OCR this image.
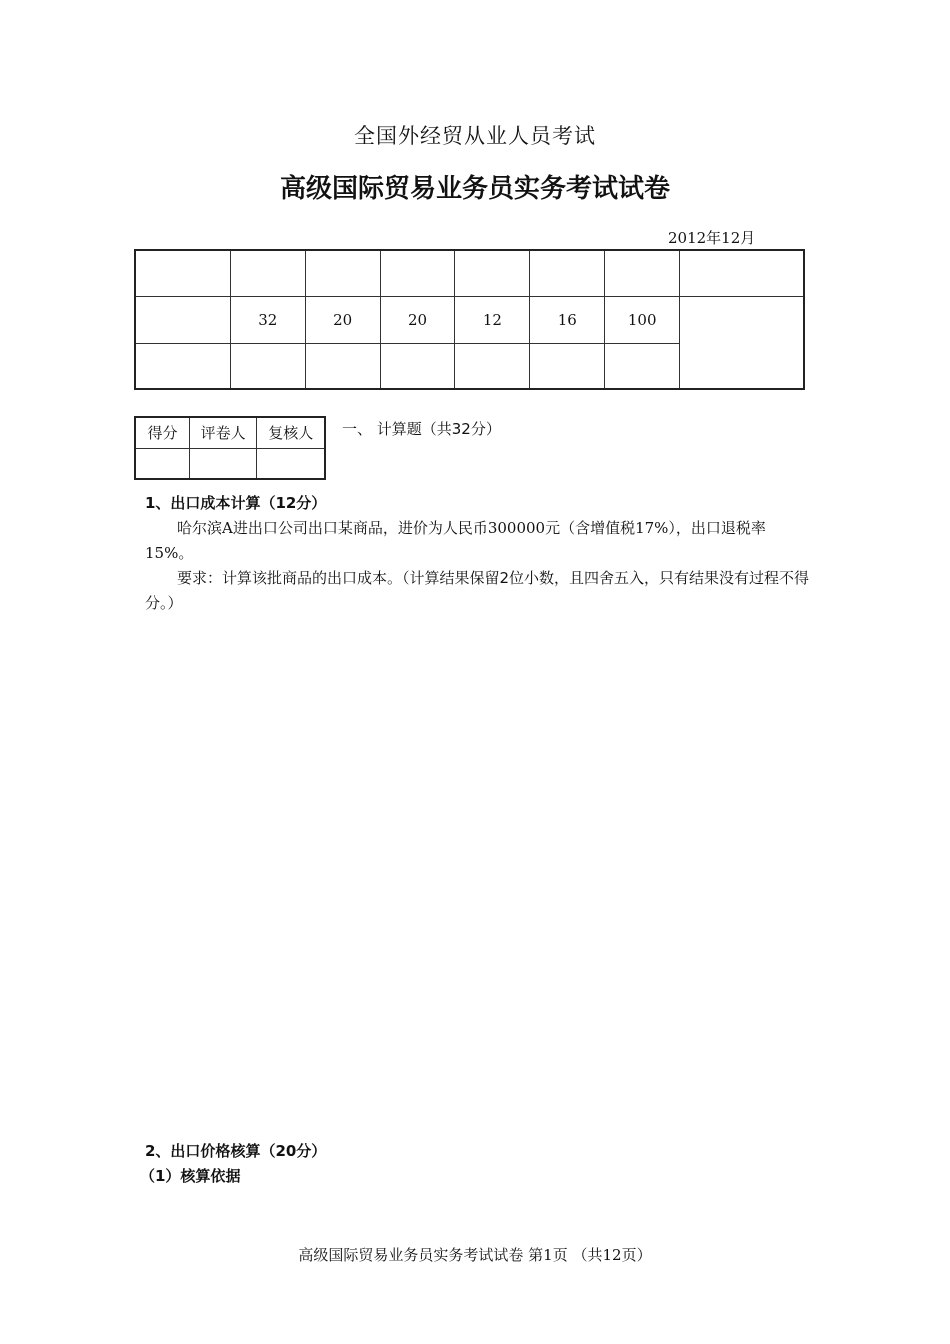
全国外经贸从业人员考试
高级国际贸易业务员实务考试试卷
2012年12月

	32	20	20	12	16	100	

得分	评卷人	复核人
		一、 计算题（共32分）
1、出口成本计算（12分）
哈尔滨A进出口公司出口某商品，进价为人民币300000元（含增值税17%），出口退税率15%。
要求：计算该批商品的出口成本。（计算结果保留2位小数，且四舍五入，只有结果没有过程不得分。）
2、出口价格核算（20分）
（1）核算依据
高级国际贸易业务员实务考试试卷 第1页 （共12页）
